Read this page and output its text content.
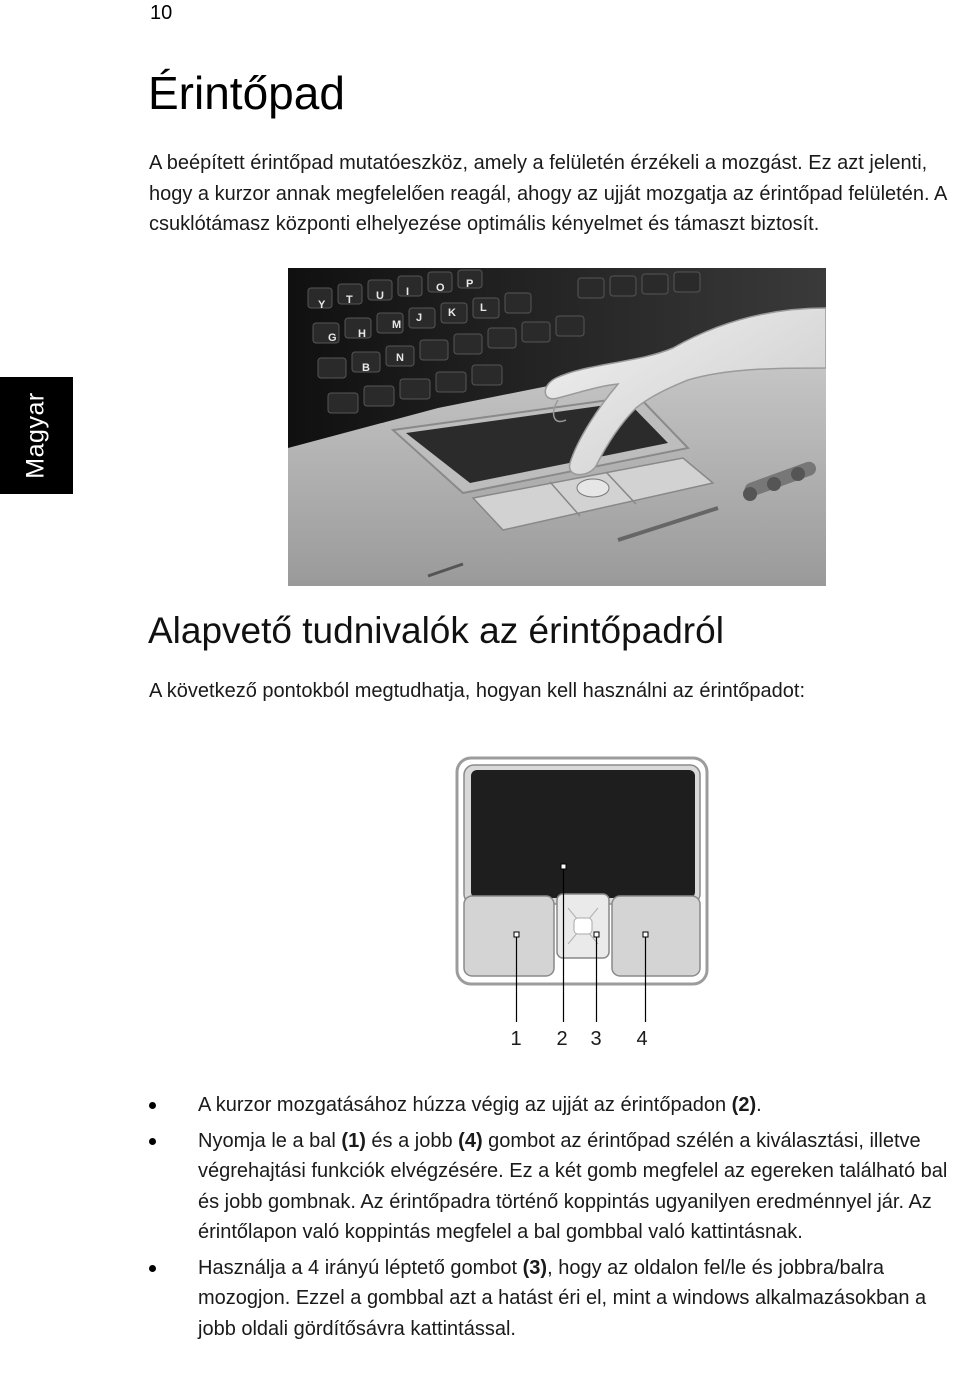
10
Magyar
Érintőpad

A beépített érintőpad mutatóeszköz, amely a felületén érzékeli a mozgást. Ez azt jelenti, hogy a kurzor annak megfelelően reagál, ahogy az ujját mozgatja az érintőpad felületén. A csuklótámasz központi elhelyezése optimális kényelmet és támaszt biztosít.

J K L
M
N
Y T U I O P
H
B
G
Alapvető tudnivalók az érintőpadról

A következő pontokból megtudhatja, hogyan kell használni az érintőpadot:

1 2 3 4
A kurzor mozgatásához húzza végig az ujját az érintőpadon (2).
Nyomja le a bal (1) és a jobb (4) gombot az érintőpad szélén a kiválasztási, illetve végrehajtási funkciók elvégzésére. Ez a két gomb megfelel az egereken található bal és jobb gombnak. Az érintőpadra történő koppintás ugyanilyen eredménnyel jár. Az érintőlapon való koppintás megfelel a bal gombbal való kattintásnak.
Használja a 4 irányú léptető gombot (3), hogy az oldalon fel/le és jobbra/balra mozogjon. Ezzel a gombbal azt a hatást éri el, mint a windows alkalmazásokban a jobb oldali gördítősávra kattintással.
